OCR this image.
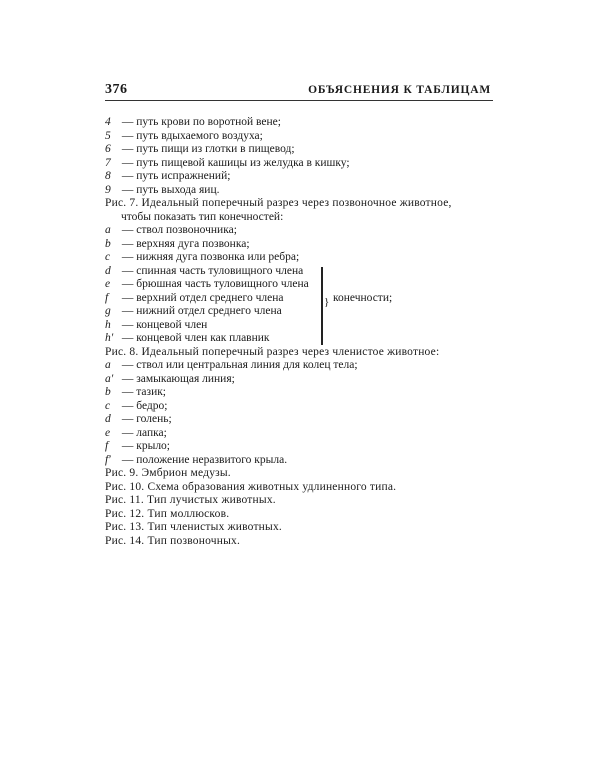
376	ОБЪЯСНЕНИЯ К ТАБЛИЦАМ
4 — путь крови по воротной вене;
5 — путь вдыхаемого воздуха;
6 — путь пищи из глотки в пищевод;
7 — путь пищевой кашицы из желудка в кишку;
8 — путь испражнений;
9 — путь выхода яиц.
Рис. 7. Идеальный поперечный разрез через позвоночное животное,
чтобы показать тип конечностей:
a — ствол позвоночника;
b — верхняя дуга позвонка;
c — нижняя дуга позвонка или ребра;
d — спинная часть туловищного члена
e — брюшная часть туловищного члена
f — верхний отдел среднего члена
g — нижний отдел среднего члена
h — концевой член
h′ — концевой член как плавник
} конечности;
Рис. 8. Идеальный поперечный разрез через членистое животное:
a — ствол или центральная линия для колец тела;
a′ — замыкающая линия;
b — тазик;
c — бедро;
d — голень;
e — лапка;
f — крыло;
f′ — положение неразвитого крыла.
Рис. 9. Эмбрион медузы.
Рис. 10. Схема образования животных удлиненного типа.
Рис. 11. Тип лучистых животных.
Рис. 12. Тип моллюсков.
Рис. 13. Тип членистых животных.
Рис. 14. Тип позвоночных.
